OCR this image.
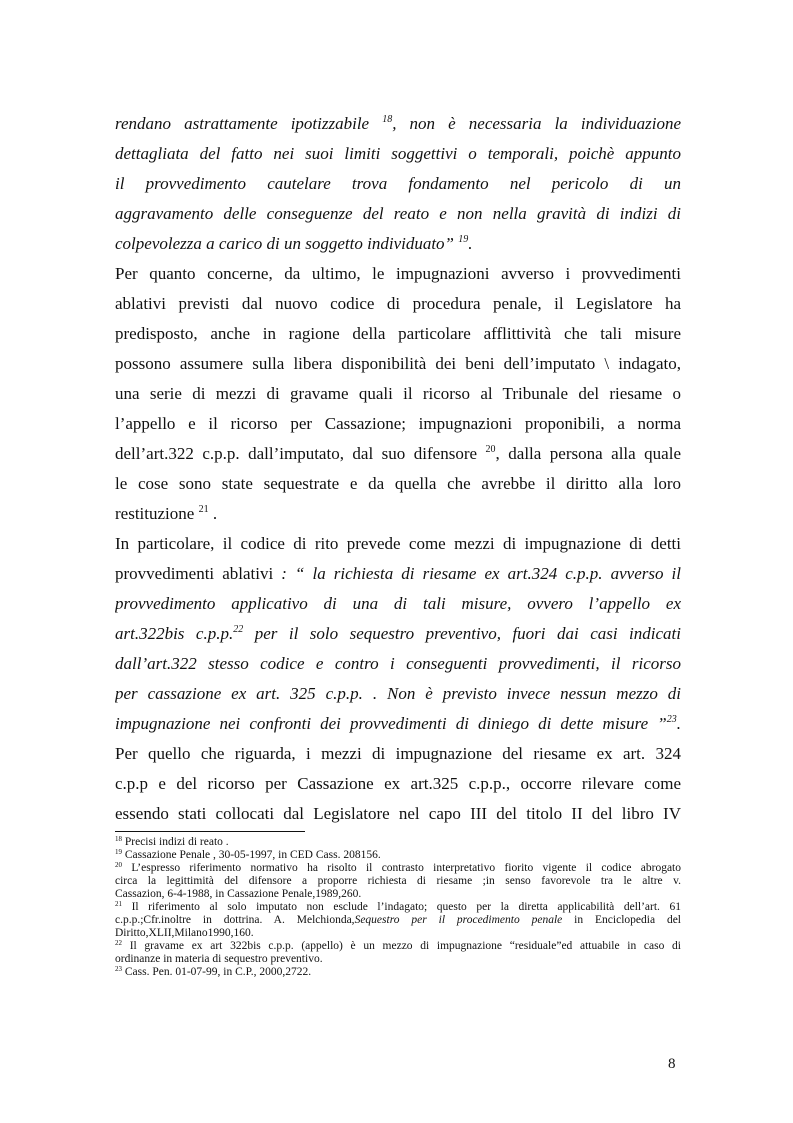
rendano astrattamente ipotizzabile $^{18}$, non è necessaria la individuazione
dettagliata del fatto nei suoi limiti soggettivi o temporali, poichè appunto
il provvedimento cautelare trova fondamento nel pericolo di un
aggravamento delle conseguenze del reato e non nella gravità di indizi di
colpevolezza a carico di un soggetto individuato” $^{19}$.
Per quanto concerne, da ultimo, le impugnazioni avverso i provvedimenti
ablativi previsti dal nuovo codice di procedura penale, il Legislatore ha
predisposto, anche in ragione della particolare afflittività che tali misure
possono assumere sulla libera disponibilità dei beni dell’imputato \ indagato,
una serie di mezzi di gravame quali il ricorso al Tribunale del riesame o
l’appello e il ricorso per Cassazione; impugnazioni proponibili, a norma
dell’art.322 c.p.p. dall’imputato, dal suo difensore $^{20}$, dalla persona alla quale
le cose sono state sequestrate e da quella che avrebbe il diritto alla loro
restituzione $^{21}$ .
In particolare, il codice di rito prevede come mezzi di impugnazione di detti
provvedimenti ablativi : “ la richiesta di riesame ex art.324 c.p.p. avverso il
provvedimento applicativo di una di tali misure, ovvero l’appello ex
art.322bis c.p.p.$^{22}$ per il solo sequestro preventivo, fuori dai casi indicati
dall’art.322 stesso codice e contro i conseguenti provvedimenti, il ricorso
per cassazione ex art. 325 c.p.p. . Non è previsto invece nessun mezzo di
impugnazione nei confronti dei provvedimenti di diniego di dette misure ”$^{23}$.
Per quello che riguarda, i mezzi di impugnazione del riesame ex art. 324
c.p.p e del ricorso per Cassazione ex art.325 c.p.p., occorre rilevare come
essendo stati collocati dal Legislatore nel capo III del titolo II del libro IV
$^{18}$ Precisi indizi di reato .
$^{19}$ Cassazione Penale , 30-05-1997, in CED Cass. 208156.
$^{20}$ L’espresso riferimento normativo ha risolto il contrasto interpretativo fiorito vigente il codice abrogato
circa la legittimità del difensore a proporre richiesta di riesame ;in senso favorevole tra le altre v.
Cassazion, 6-4-1988, in Cassazione Penale,1989,260.
$^{21}$ Il riferimento al solo imputato non esclude l’indagato; questo per la diretta applicabilità dell’art. 61
c.p.p.;Cfr.inoltre in dottrina. A. Melchionda,Sequestro per il procedimento penale in Enciclopedia del
Diritto,XLII,Milano1990,160.
$^{22}$ Il gravame ex art 322bis c.p.p. (appello) è un mezzo di impugnazione “residuale”ed attuabile in caso di
ordinanze in materia di sequestro preventivo.
$^{23}$ Cass. Pen. 01-07-99, in C.P., 2000,2722.
8
